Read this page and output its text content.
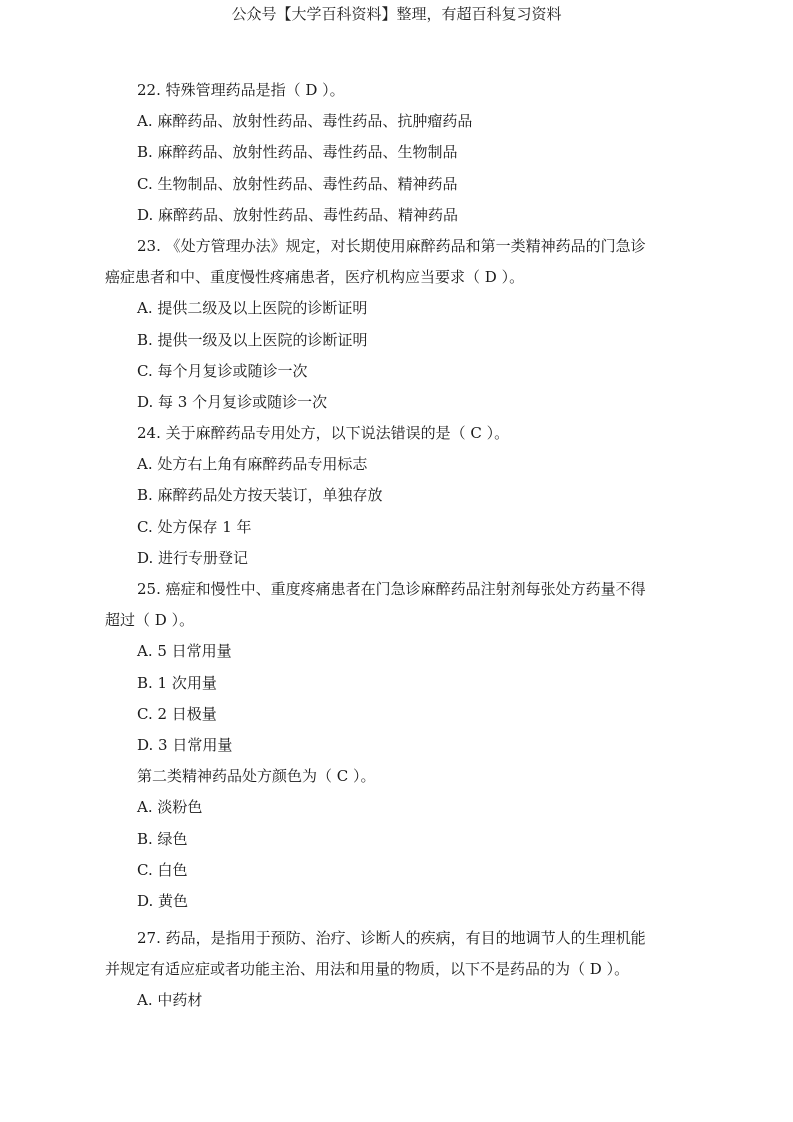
公众号【大学百科资料】整理，有超百科复习资料
22. 特殊管理药品是指（ D ）。
A. 麻醉药品、放射性药品、毒性药品、抗肿瘤药品
B. 麻醉药品、放射性药品、毒性药品、生物制品
C. 生物制品、放射性药品、毒性药品、精神药品
D. 麻醉药品、放射性药品、毒性药品、精神药品
23. 《处方管理办法》规定，对长期使用麻醉药品和第一类精神药品的门急诊
癌症患者和中、重度慢性疼痛患者，医疗机构应当要求（ D ）。
A. 提供二级及以上医院的诊断证明
B. 提供一级及以上医院的诊断证明
C. 每个月复诊或随诊一次
D. 每 3 个月复诊或随诊一次
24. 关于麻醉药品专用处方，以下说法错误的是（ C ）。
A. 处方右上角有麻醉药品专用标志
B. 麻醉药品处方按天装订，单独存放
C. 处方保存 1 年
D. 进行专册登记
25. 癌症和慢性中、重度疼痛患者在门急诊麻醉药品注射剂每张处方药量不得
超过（ D ）。
A. 5 日常用量
B. 1 次用量
C. 2 日极量
D. 3 日常用量
第二类精神药品处方颜色为（ C ）。
A. 淡粉色
B. 绿色
C. 白色
D. 黄色
27. 药品，是指用于预防、治疗、诊断人的疾病，有目的地调节人的生理机能
并规定有适应症或者功能主治、用法和用量的物质，以下不是药品的为（ D ）。
A. 中药材
